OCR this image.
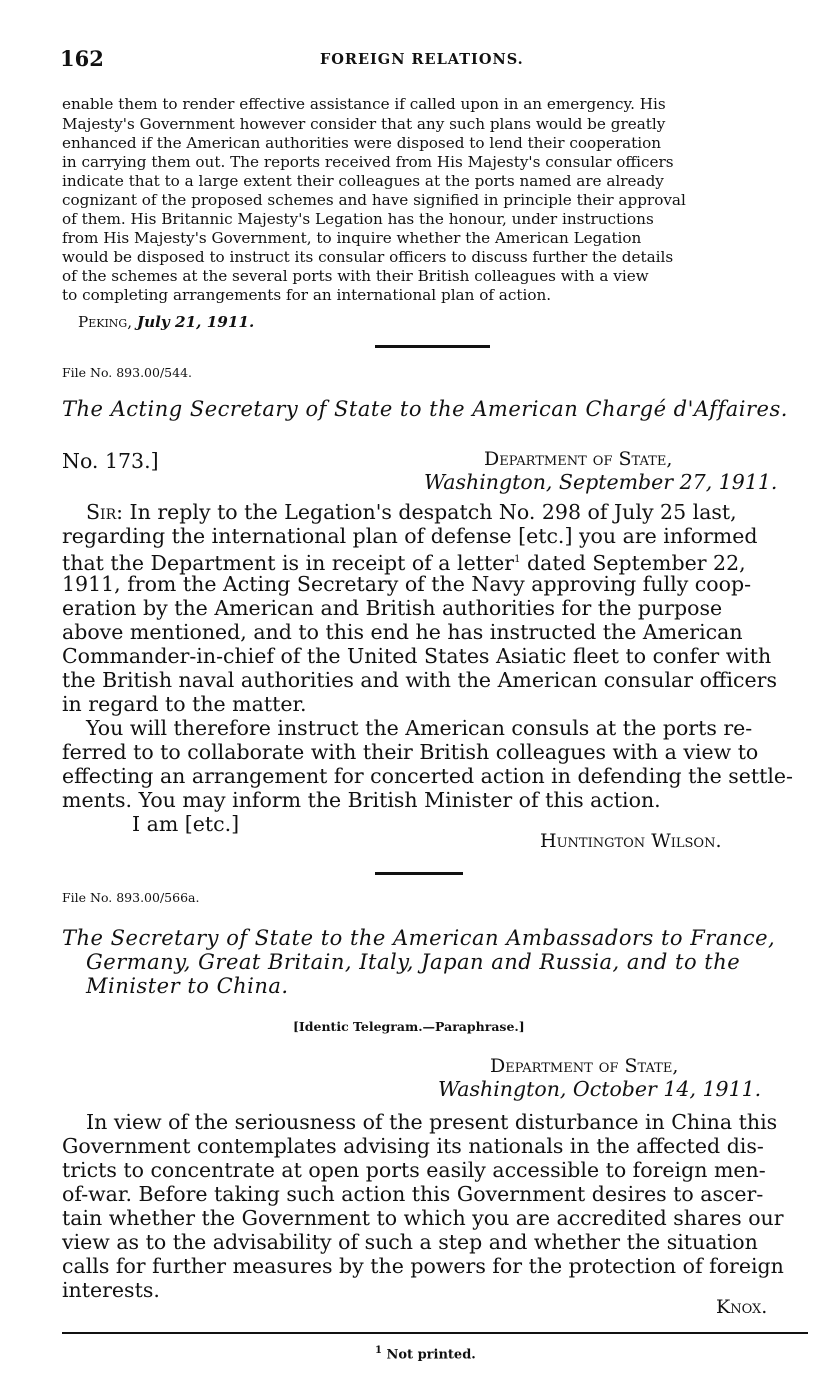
162	FOREIGN RELATIONS.
enable them to render effective assistance if called upon in an emergency. His
Majesty's Government however consider that any such plans would be greatly
enhanced if the American authorities were disposed to lend their cooperation
in carrying them out. The reports received from His Majesty's consular officers
indicate that to a large extent their colleagues at the ports named are already
cognizant of the proposed schemes and have signified in principle their approval
of them. His Britannic Majesty's Legation has the honour, under instructions
from His Majesty's Government, to inquire whether the American Legation
would be disposed to instruct its consular officers to discuss further the details
of the schemes at the several ports with their British colleagues with a view
to completing arrangements for an international plan of action.
Peking, July 21, 1911.
File No. 893.00/544.
The Acting Secretary of State to the American Chargé d'Affaires.
No. 173.]	Department of State,
Washington, September 27, 1911.
Sir: In reply to the Legation's despatch No. 298 of July 25 last,
regarding the international plan of defense [etc.] you are informed
that the Department is in receipt of a letter$^1$ dated September 22,
1911, from the Acting Secretary of the Navy approving fully coop-
eration by the American and British authorities for the purpose
above mentioned, and to this end he has instructed the American
Commander-in-chief of the United States Asiatic fleet to confer with
the British naval authorities and with the American consular officers
in regard to the matter.
You will therefore instruct the American consuls at the ports re-
ferred to to collaborate with their British colleagues with a view to
effecting an arrangement for concerted action in defending the settle-
ments. You may inform the British Minister of this action.
I am [etc.]
Huntington Wilson.
File No. 893.00/566a.
The Secretary of State to the American Ambassadors to France,
Germany, Great Britain, Italy, Japan and Russia, and to the
Minister to China.
[Identic Telegram.—Paraphrase.]
Department of State,
Washington, October 14, 1911.
In view of the seriousness of the present disturbance in China this
Government contemplates advising its nationals in the affected dis-
tricts to concentrate at open ports easily accessible to foreign men-
of-war. Before taking such action this Government desires to ascer-
tain whether the Government to which you are accredited shares our
view as to the advisability of such a step and whether the situation
calls for further measures by the powers for the protection of foreign
interests.
Knox.
$^1$ Not printed.
